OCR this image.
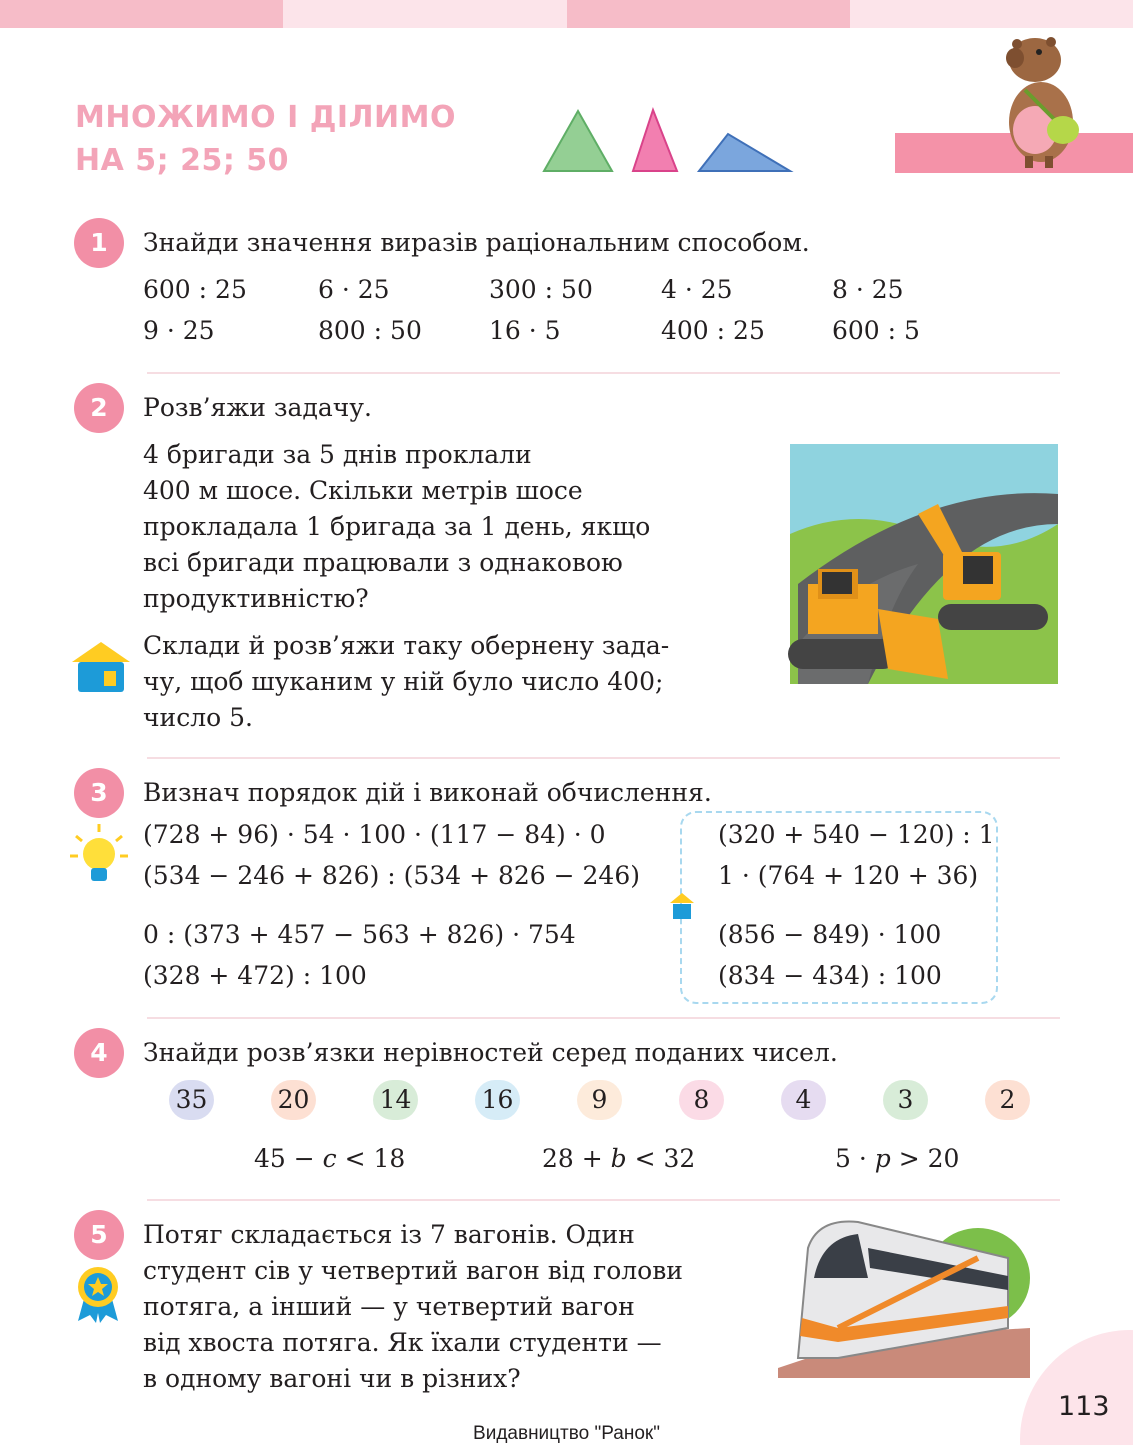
МНОЖИМО І ДІЛИМО
НА 5; 25; 50
1	Знайди значення виразів раціональним способом.
600 : 25	6 · 25	300 : 50	4 · 25	8 · 25
9 · 25	800 : 50	16 · 5	400 : 25	600 : 5
2	Розв’яжи задачу.
4 бригади за 5 днів проклали
400 м шосе. Скільки метрів шосе
прокладала 1 бригада за 1 день, якщо
всі бригади працювали з однаковою
продуктивністю?
Склади й розв’яжи таку обернену зада-
чу, щоб шуканим у ній було число 400;
число 5.
3	Визнач порядок дій і виконай обчислення.
(728 + 96) · 54 · 100 · (117 − 84) · 0
(534 − 246 + 826) : (534 + 826 − 246)
0 : (373 + 457 − 563 + 826) · 754
(328 + 472) : 100
(320 + 540 − 120) : 1
1 · (764 + 120 + 36)
(856 − 849) · 100
(834 − 434) : 100
4	Знайди розв’язки нерівностей серед поданих чисел.
35	20	14	16	9	8	4	3	2
45 − c < 18	28 + b < 32	5 · p > 20
5	Потяг складається із 7 вагонів. Один
студент сів у четвертий вагон від голови
потяга, а інший — у четвертий вагон
від хвоста потяга. Як їхали студенти —
в одному вагоні чи в різних?
113
Видавництво "Ранок"
